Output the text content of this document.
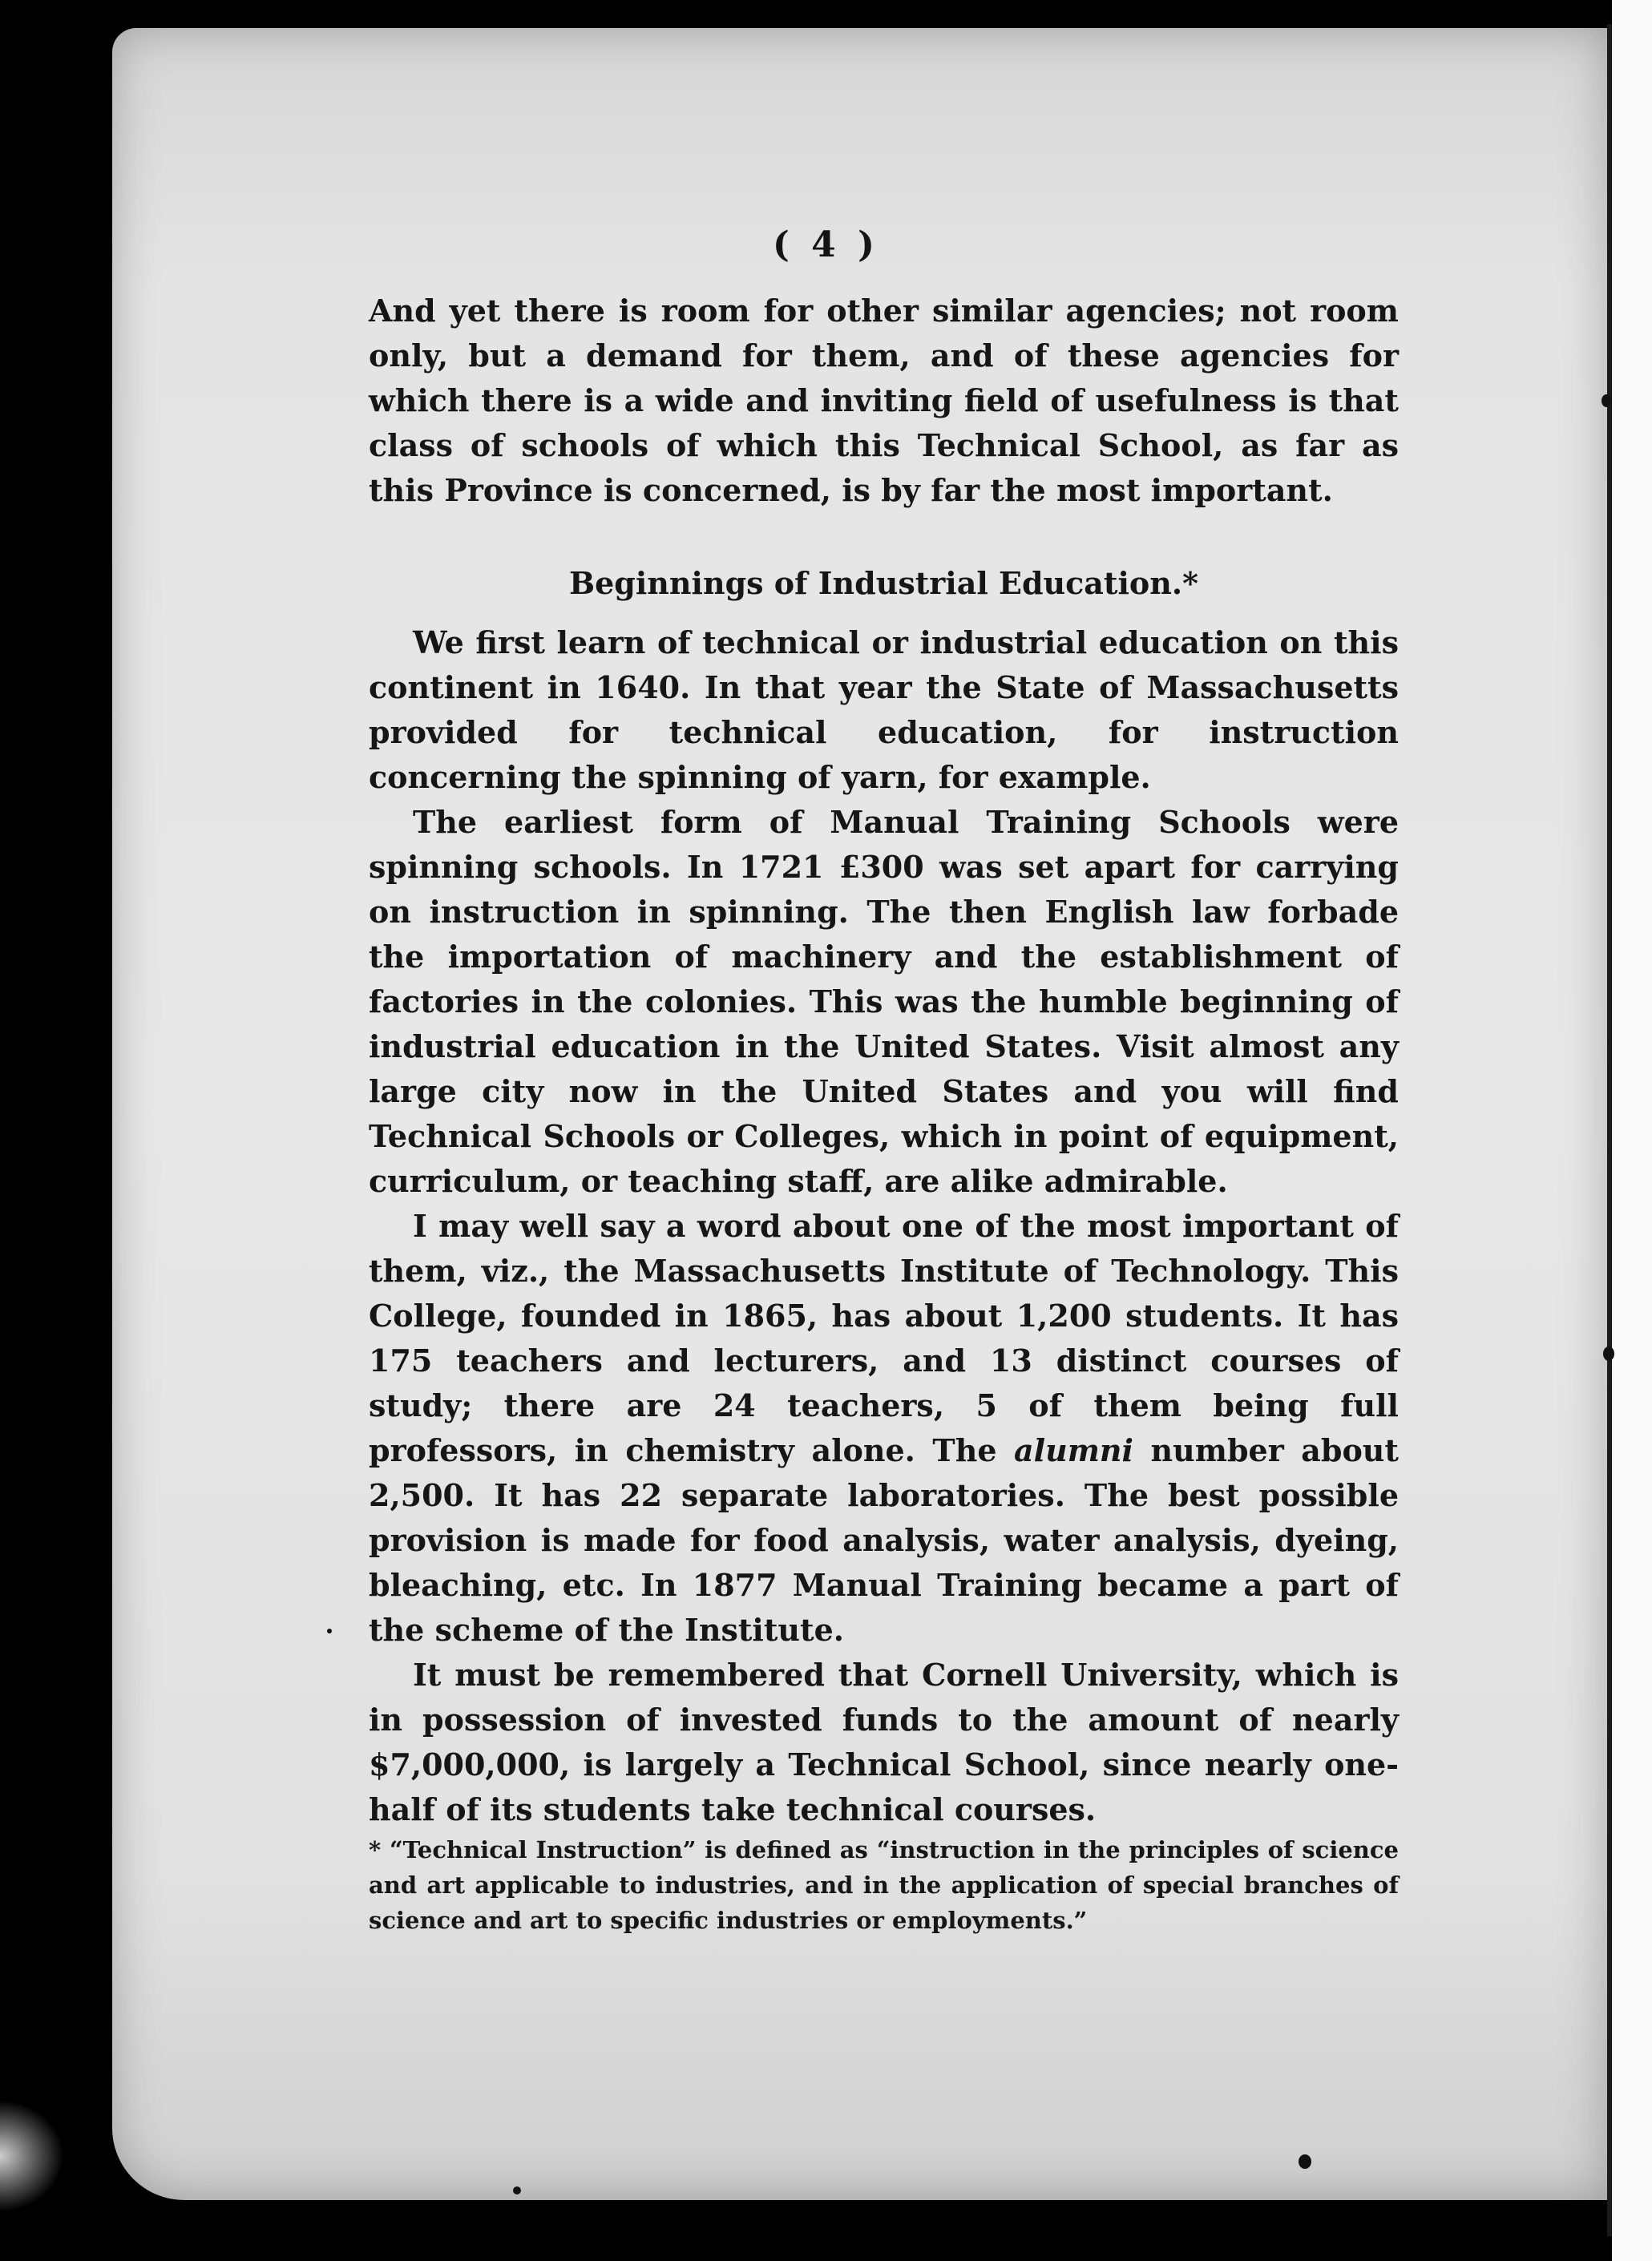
( 4 )

And yet there is room for other similar agencies; not room only, but a demand for them, and of these agencies for which there is a wide and inviting field of usefulness is that class of schools of which this Technical School, as far as this Province is concerned, is by far the most important.

Beginnings of Industrial Education.*

We first learn of technical or industrial education on this continent in 1640. In that year the State of Massachusetts provided for technical education, for instruction concerning the spinning of yarn, for example.

The earliest form of Manual Training Schools were spinning schools. In 1721 £300 was set apart for carrying on instruction in spinning. The then English law forbade the importation of machinery and the establishment of factories in the colonies. This was the humble beginning of industrial education in the United States. Visit almost any large city now in the United States and you will find Technical Schools or Colleges, which in point of equipment, curriculum, or teaching staff, are alike admirable.

I may well say a word about one of the most important of them, viz., the Massachusetts Institute of Technology. This College, founded in 1865, has about 1,200 students. It has 175 teachers and lecturers, and 13 distinct courses of study; there are 24 teachers, 5 of them being full professors, in chemistry alone. The alumni number about 2,500. It has 22 separate laboratories. The best possible provision is made for food analysis, water analysis, dyeing, bleaching, etc. In 1877 Manual Training became a part of the scheme of the Institute.

It must be remembered that Cornell University, which is in possession of invested funds to the amount of nearly $7,000,000, is largely a Technical School, since nearly one-half of its students take technical courses.

* “Technical Instruction” is defined as “instruction in the principles of science and art applicable to industries, and in the application of special branches of science and art to specific industries or employments.”
